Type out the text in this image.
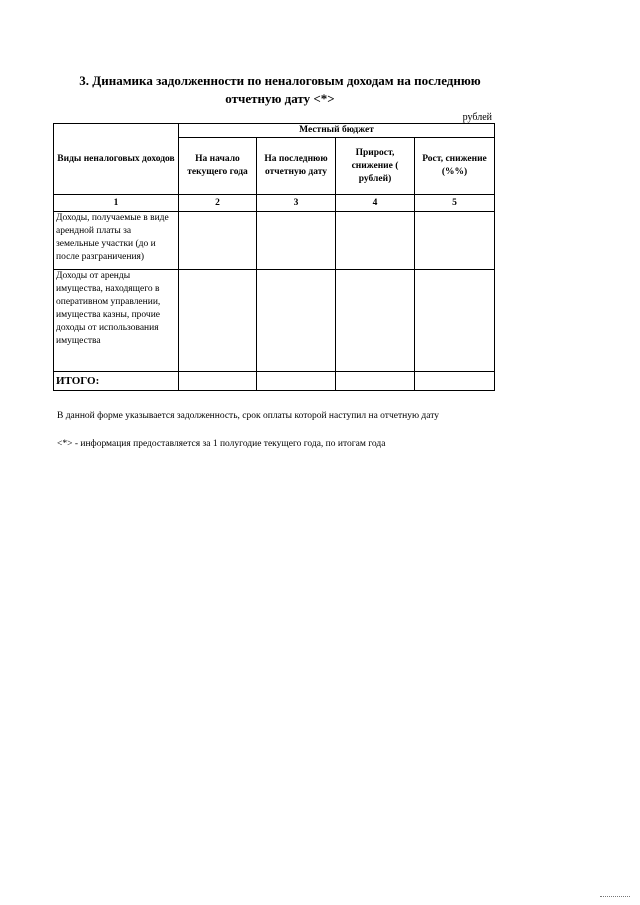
3. Динамика задолженности по неналоговым доходам на последнюю отчетную дату <*>
рублей
Виды неналоговых доходов	Местный бюджет			
	На начало текущего года	На последнюю отчетную дату	Прирост, снижение ( рублей)	Рост, снижение (%%)
1	2	3	4	5
Доходы, получаемые в виде арендной платы за земельные участки (до и после разграничения)				
Доходы от аренды имущества, находящего в оперативном управлении, имущества казны, прочие доходы от использования имущества				
ИТОГО:				
В данной форме указывается задолженность, срок оплаты которой наступил на отчетную дату
<*> - информация предоставляется за 1 полугодие текущего года, по итогам года
